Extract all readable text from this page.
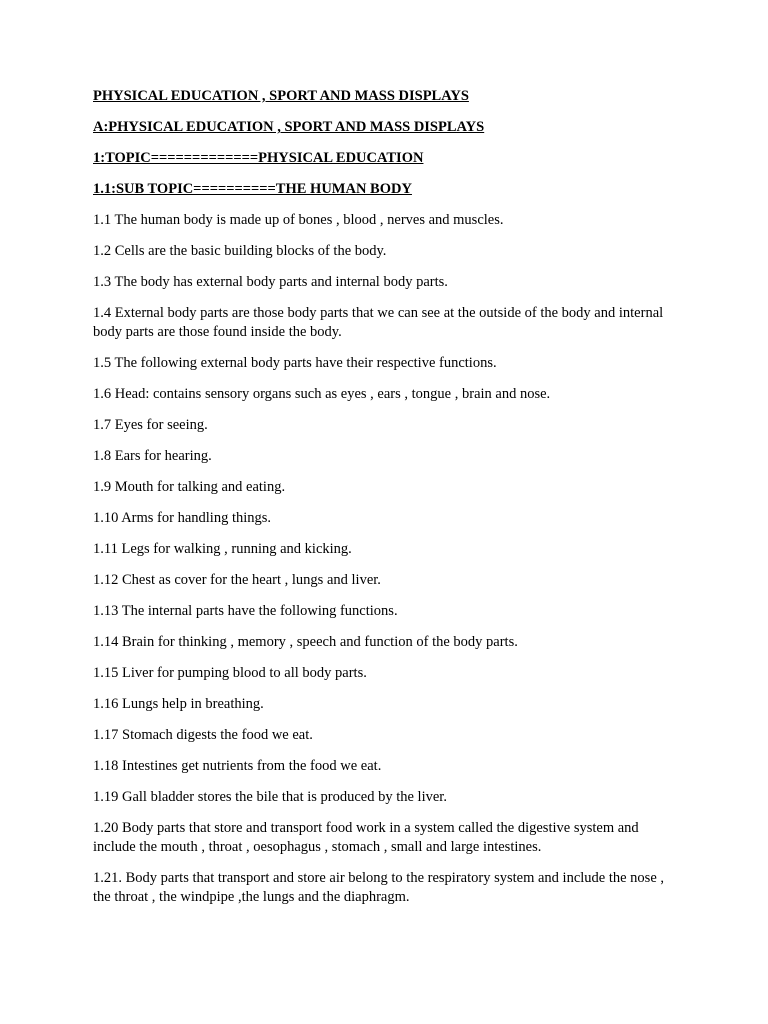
PHYSICAL EDUCATION , SPORT AND MASS DISPLAYS
A:PHYSICAL EDUCATION , SPORT AND MASS DISPLAYS
1:TOPIC=============PHYSICAL EDUCATION
1.1:SUB TOPIC==========THE HUMAN BODY

1.1 The human body is made up of bones , blood , nerves and muscles.

1.2 Cells are the basic building blocks of the body.

1.3 The body has external body parts and internal body parts.

1.4 External body parts are those body parts that we can see at the outside of the body and internal body parts are those found inside the body.

1.5 The following external body parts have their respective functions.

1.6 Head: contains sensory organs such as eyes , ears , tongue , brain and nose.

1.7 Eyes for seeing.

1.8 Ears for hearing.

1.9 Mouth for talking and eating.

1.10 Arms for handling things.

1.11 Legs for walking , running and kicking.

1.12 Chest as cover for the heart , lungs and liver.

1.13 The internal parts have the following functions.

1.14 Brain for thinking , memory , speech and function of the body parts.

1.15 Liver for pumping blood to all body parts.

1.16 Lungs help in breathing.

1.17 Stomach digests the food we eat.

1.18 Intestines get nutrients from the food we eat.

1.19 Gall bladder stores the bile that is produced by the liver.

1.20 Body parts that store and transport food work in a system called the digestive system and include the mouth , throat , oesophagus , stomach , small and large intestines.

1.21. Body parts that transport and store air belong to the respiratory system and include the nose , the throat , the windpipe ,the lungs and the diaphragm.
